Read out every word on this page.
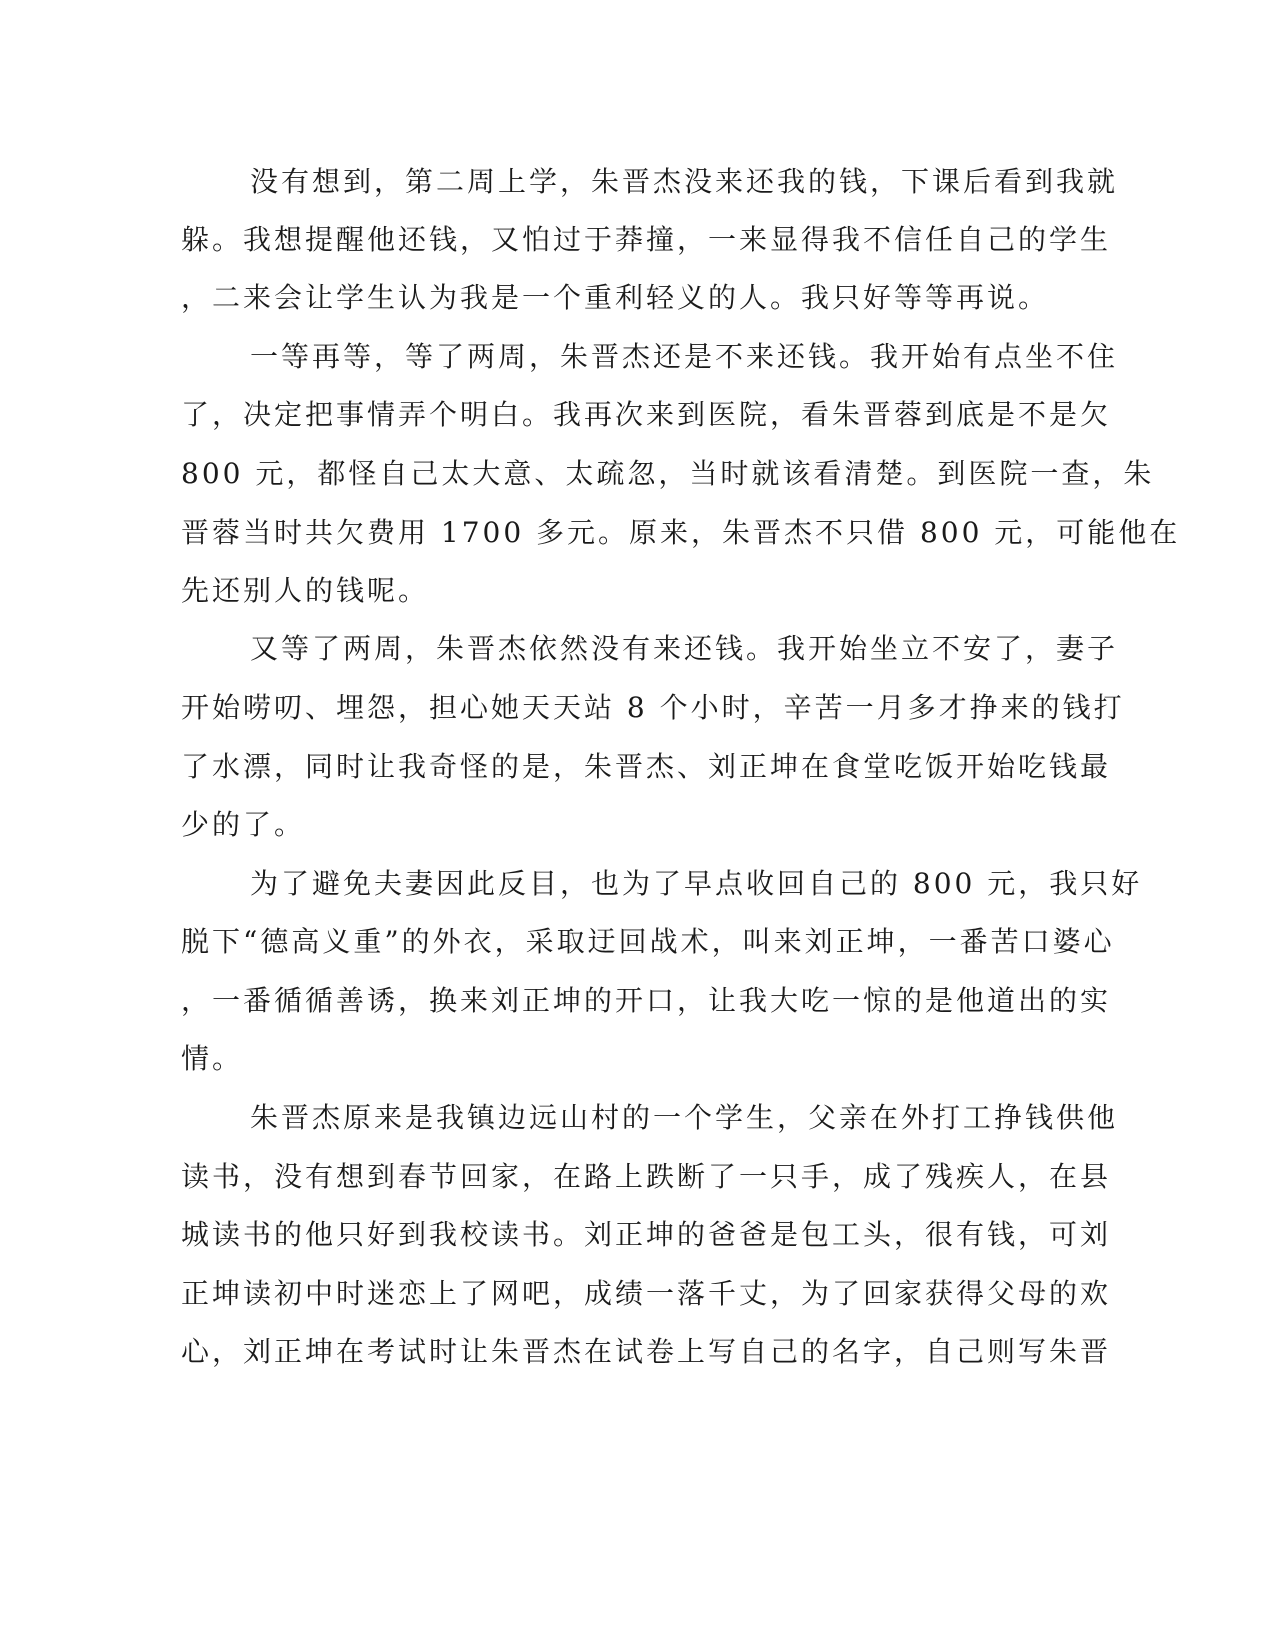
没有想到，第二周上学，朱晋杰没来还我的钱，下课后看到我就
躲。我想提醒他还钱，又怕过于莽撞，一来显得我不信任自己的学生
，二来会让学生认为我是一个重利轻义的人。我只好等等再说。
一等再等，等了两周，朱晋杰还是不来还钱。我开始有点坐不住
了，决定把事情弄个明白。我再次来到医院，看朱晋蓉到底是不是欠
800 元，都怪自己太大意、太疏忽，当时就该看清楚。到医院一查，朱
晋蓉当时共欠费用 1700 多元。原来，朱晋杰不只借 800 元，可能他在
先还别人的钱呢。
又等了两周，朱晋杰依然没有来还钱。我开始坐立不安了，妻子
开始唠叨、埋怨，担心她天天站 8 个小时，辛苦一月多才挣来的钱打
了水漂，同时让我奇怪的是，朱晋杰、刘正坤在食堂吃饭开始吃钱最
少的了。
为了避免夫妻因此反目，也为了早点收回自己的 800 元，我只好
脱下“德高义重”的外衣，采取迂回战术，叫来刘正坤，一番苦口婆心
，一番循循善诱，换来刘正坤的开口，让我大吃一惊的是他道出的实
情。
朱晋杰原来是我镇边远山村的一个学生，父亲在外打工挣钱供他
读书，没有想到春节回家，在路上跌断了一只手，成了残疾人，在县
城读书的他只好到我校读书。刘正坤的爸爸是包工头，很有钱，可刘
正坤读初中时迷恋上了网吧，成绩一落千丈，为了回家获得父母的欢
心，刘正坤在考试时让朱晋杰在试卷上写自己的名字，自己则写朱晋
